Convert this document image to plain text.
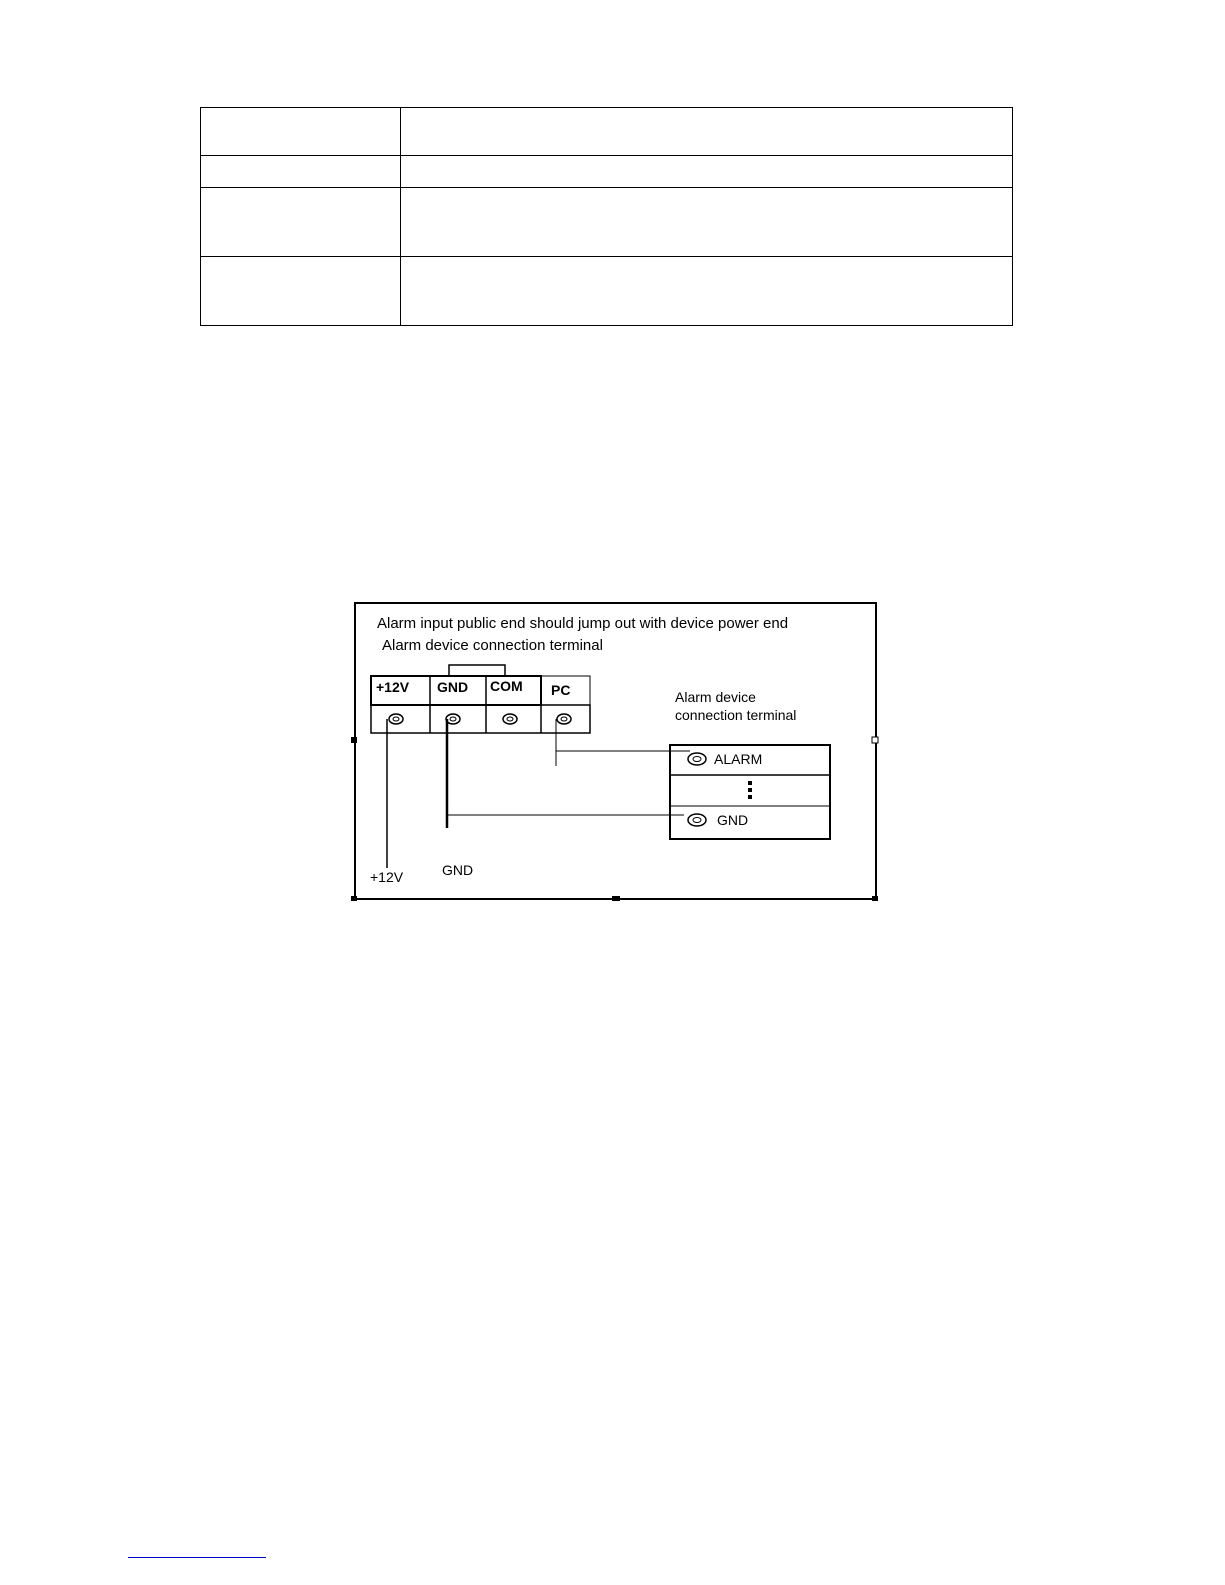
Alarm input public end should jump out with device power end
Alarm device connection terminal
+12V GND COM PC	Alarm device
connection terminal
ALARM
GND
+12V	GND
